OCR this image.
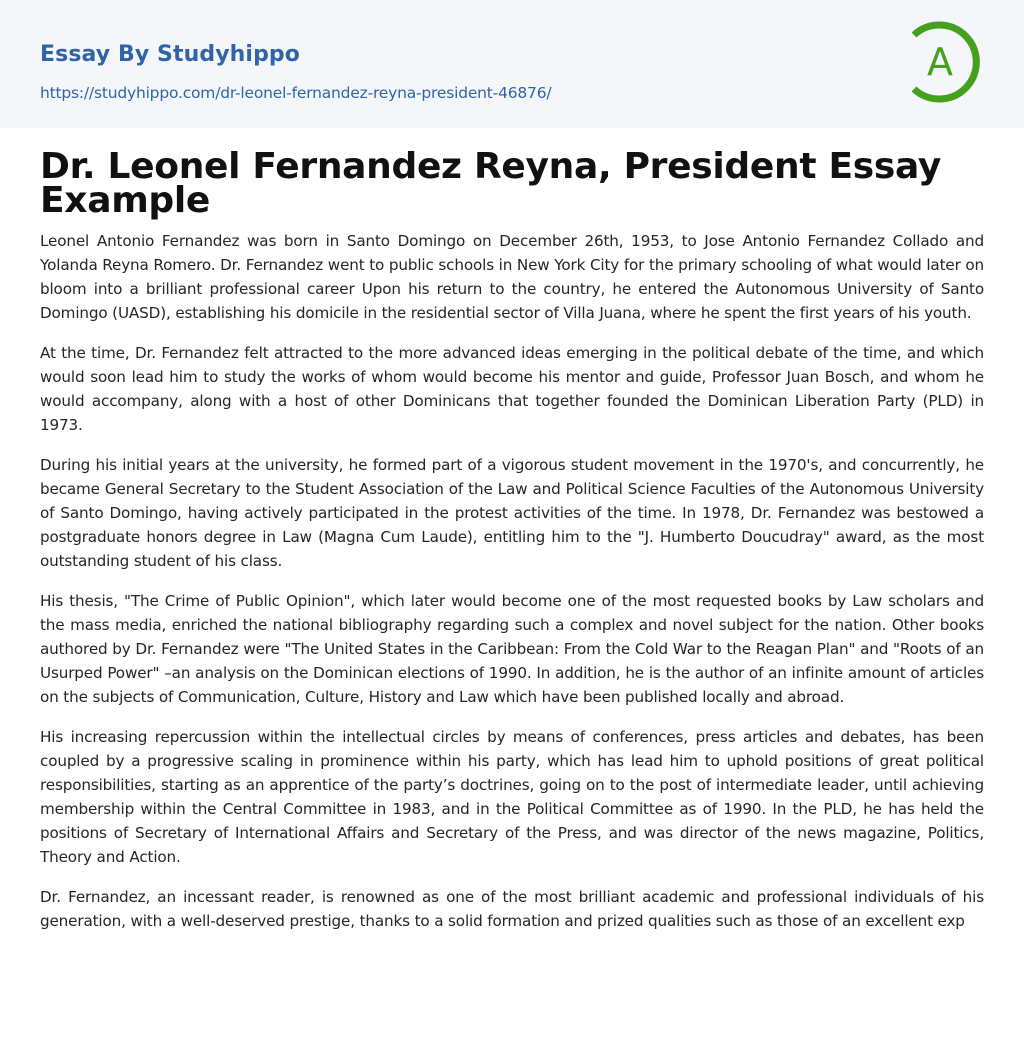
Essay By Studyhippo
https://studyhippo.com/dr-leonel-fernandez-reyna-president-46876/
A
Dr. Leonel Fernandez Reyna, President Essay Example

Leonel Antonio Fernandez was born in Santo Domingo on December 26th, 1953, to Jose Antonio Fernandez Collado and Yolanda Reyna Romero. Dr. Fernandez went to public schools in New York City for the primary schooling of what would later on bloom into a brilliant professional career Upon his return to the country, he entered the Autonomous University of Santo Domingo (UASD), establishing his domicile in the residential sector of Villa Juana, where he spent the first years of his youth.

At the time, Dr. Fernandez felt attracted to the more advanced ideas emerging in the political debate of the time, and which would soon lead him to study the works of whom would become his mentor and guide, Professor Juan Bosch, and whom he would accompany, along with a host of other Dominicans that together founded the Dominican Liberation Party (PLD) in 1973.

During his initial years at the university, he formed part of a vigorous student movement in the 1970's, and concurrently, he became General Secretary to the Student Association of the Law and Political Science Faculties of the Autonomous University of Santo Domingo, having actively participated in the protest activities of the time. In 1978, Dr. Fernandez was bestowed a postgraduate honors degree in Law (Magna Cum Laude), entitling him to the "J. Humberto Doucudray" award, as the most outstanding student of his class.

His thesis, "The Crime of Public Opinion", which later would become one of the most requested books by Law scholars and the mass media, enriched the national bibliography regarding such a complex and novel subject for the nation. Other books authored by Dr. Fernandez were "The United States in the Caribbean: From the Cold War to the Reagan Plan" and "Roots of an Usurped Power" –an analysis on the Dominican elections of 1990. In addition, he is the author of an infinite amount of articles on the subjects of Communication, Culture, History and Law which have been published locally and abroad.

His increasing repercussion within the intellectual circles by means of conferences, press articles and debates, has been coupled by a progressive scaling in prominence within his party, which has lead him to uphold positions of great political responsibilities, starting as an apprentice of the party’s doctrines, going on to the post of intermediate leader, until achieving membership within the Central Committee in 1983, and in the Political Committee as of 1990. In the PLD, he has held the positions of Secretary of International Affairs and Secretary of the Press, and was director of the news magazine, Politics, Theory and Action.

Dr. Fernandez, an incessant reader, is renowned as one of the most brilliant academic and professional individuals of his generation, with a well-deserved prestige, thanks to a solid formation and prized qualities such as those of an excellent exp
